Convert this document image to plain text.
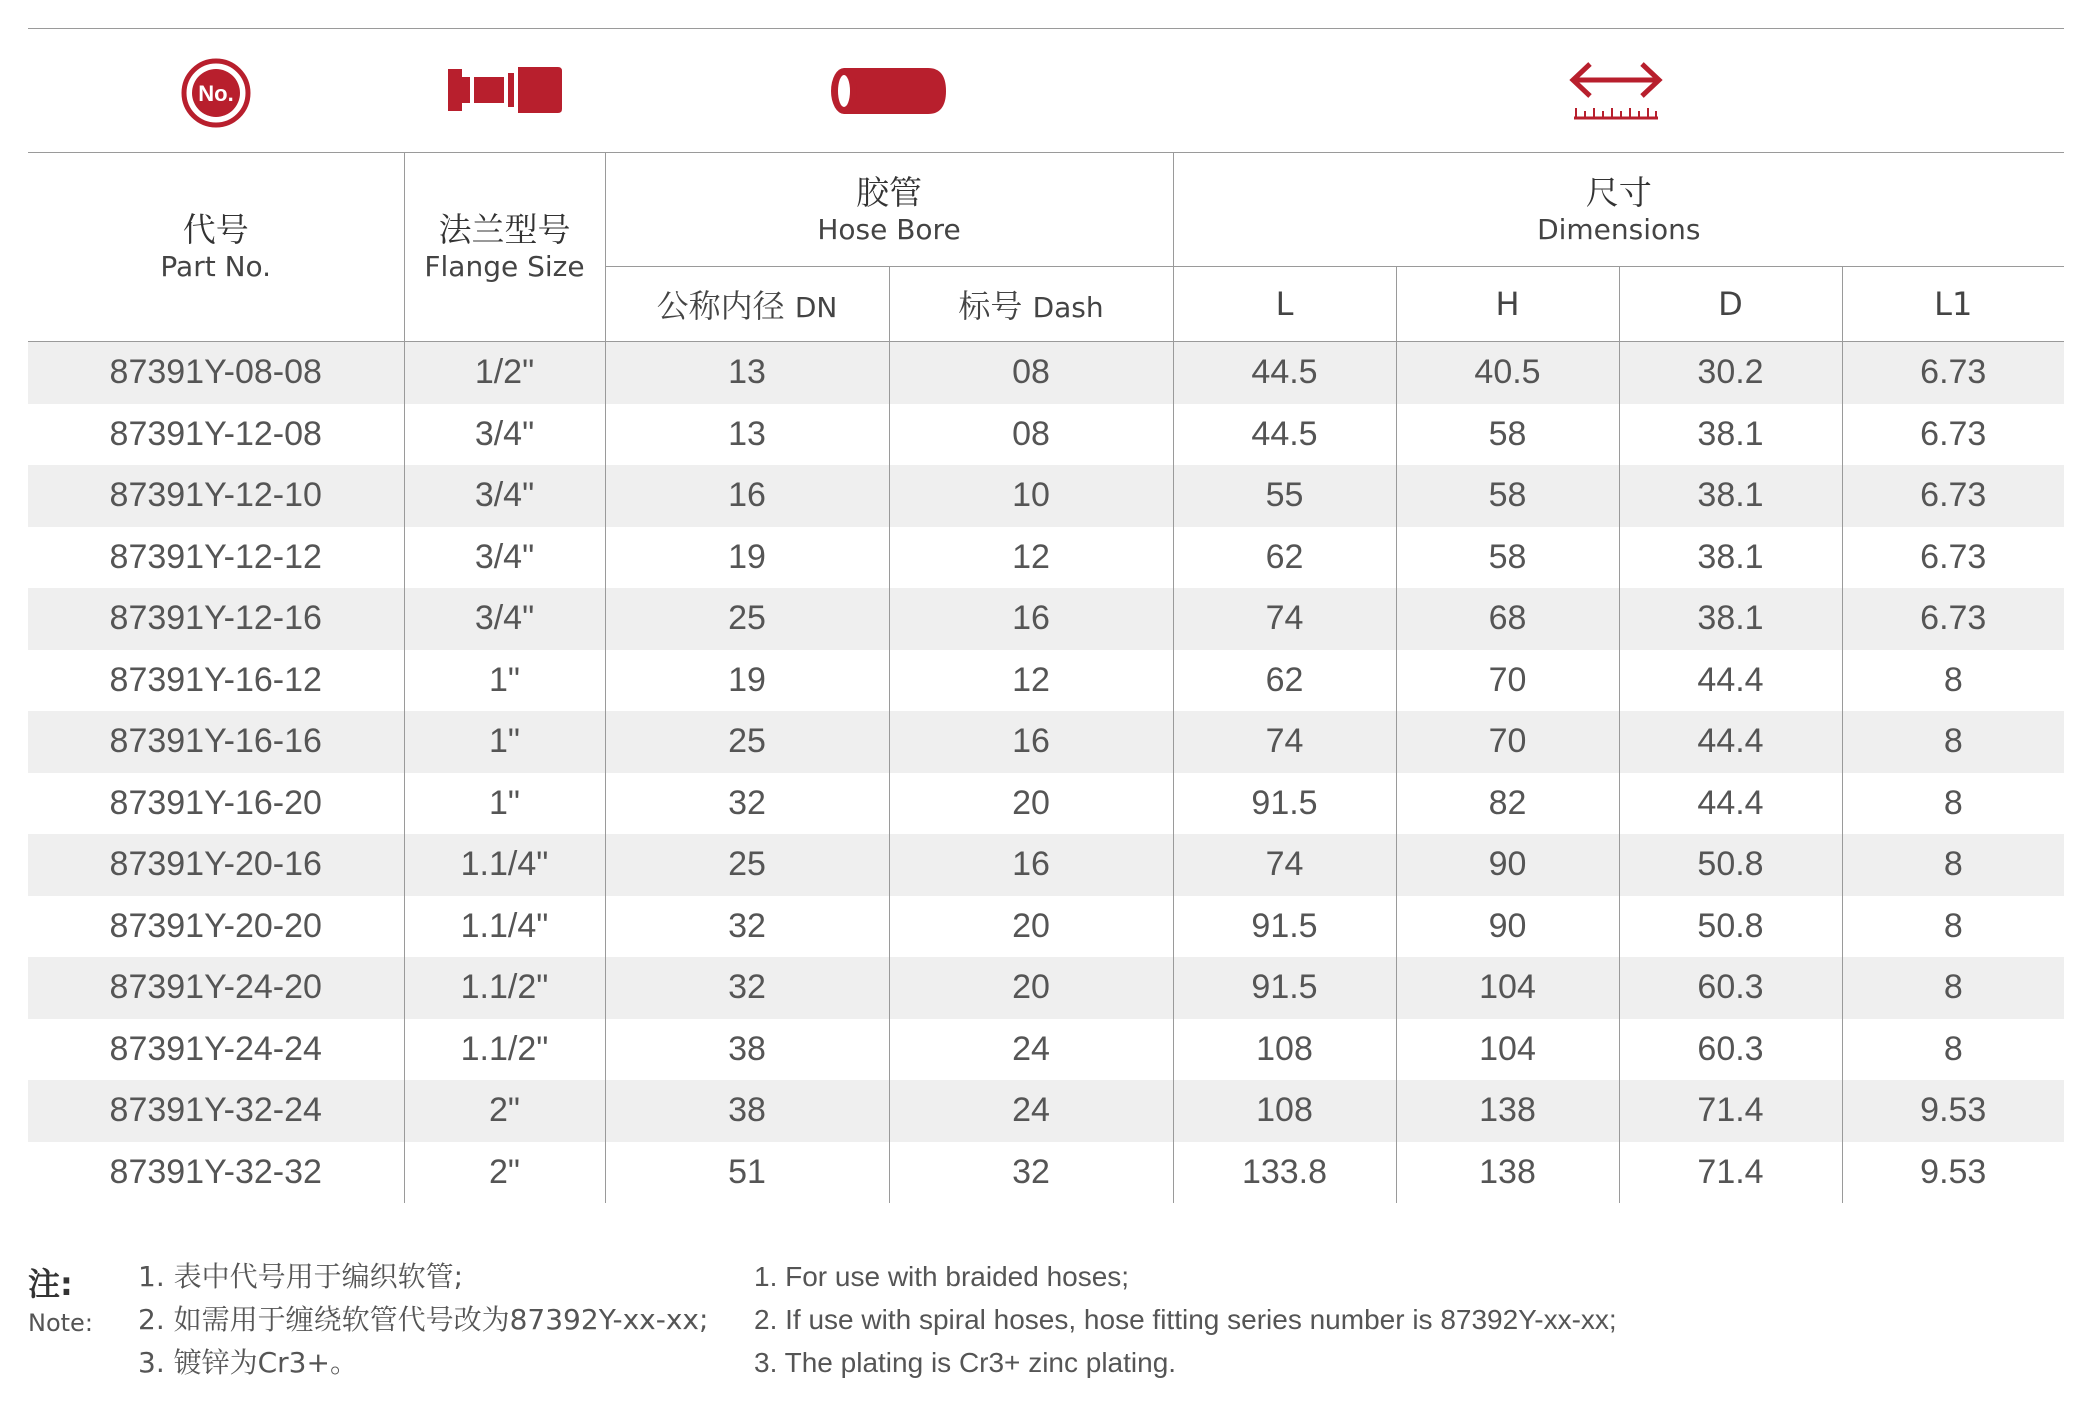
No.
代号
Part No.	法兰型号
Flange Size	胶管
Hose Bore		尺寸
Dimensions			

		公称内径 DN	标号 Dash	L	H	D	L1
87391Y-08-08	1/2"	13	08	44.5	40.5	30.2	6.73
87391Y-12-08	3/4"	13	08	44.5	58	38.1	6.73
87391Y-12-10	3/4"	16	10	55	58	38.1	6.73
87391Y-12-12	3/4"	19	12	62	58	38.1	6.73
87391Y-12-16	3/4"	25	16	74	68	38.1	6.73
87391Y-16-12	1"	19	12	62	70	44.4	8
87391Y-16-16	1"	25	16	74	70	44.4	8
87391Y-16-20	1"	32	20	91.5	82	44.4	8
87391Y-20-16	1.1/4"	25	16	74	90	50.8	8
87391Y-20-20	1.1/4"	32	20	91.5	90	50.8	8
87391Y-24-20	1.1/2"	32	20	91.5	104	60.3	8
87391Y-24-24	1.1/2"	38	24	108	104	60.3	8
87391Y-32-24	2"	38	24	108	138	71.4	9.53
87391Y-32-32	2"	51	32	133.8	138	71.4	9.53
注:
Note:
1. 表中代号用于编织软管;
2. 如需用于缠绕软管代号改为87392Y-xx-xx;
3. 镀锌为Cr3+。
1. For use with braided hoses;
2. If use with spiral hoses, hose fitting series number is 87392Y-xx-xx;
3. The plating is Cr3+ zinc plating.
